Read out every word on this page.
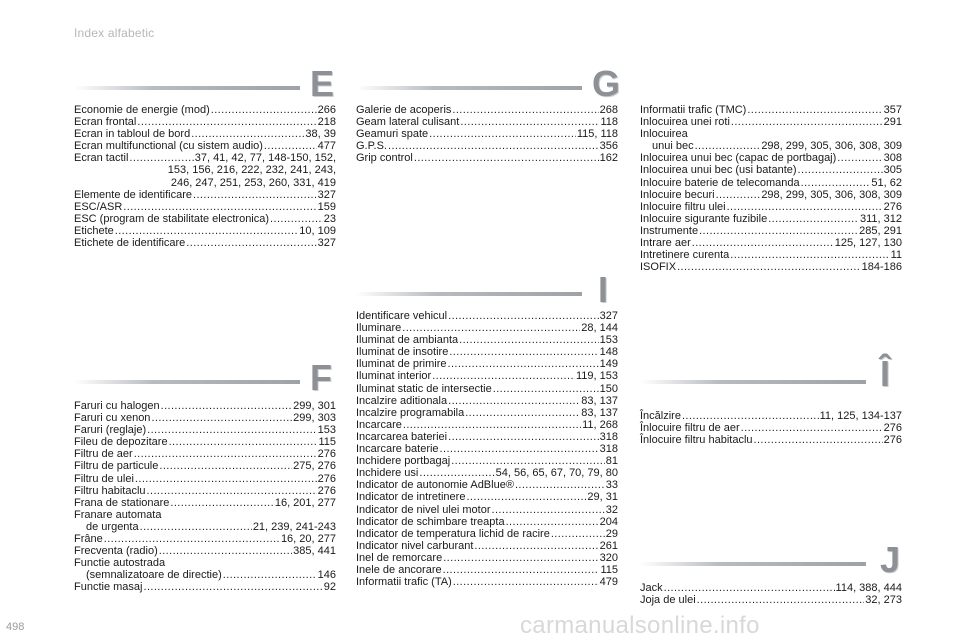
Index alfabetic
E
Economie de energie (mod) .....	266
Ecran frontal .....	218
Ecran in tabloul de bord .....	38, 39
Ecran multifunctional (cu sistem audio) .....	477
Ecran tactil .....	37, 41, 42, 77, 148-150, 152,
153, 156, 216, 222, 232, 241, 243,
246, 247, 251, 253, 260, 331, 419
Elemente de identificare .....	327
ESC/ASR .....	159
ESC (program de stabilitate electronica) .....	23
Etichete .....	10, 109
Etichete de identificare .....	327
F
Faruri cu halogen .....	299, 301
Faruri cu xenon .....	299, 303
Faruri (reglaje) .....	153
Fileu de depozitare .....	115
Filtru de aer .....	276
Filtru de particule .....	275, 276
Filtru de ulei .....	276
Filtru habitaclu .....	276
Frana de stationare .....	16, 201, 277
Franare automata
de urgenta .....	21, 239, 241-243
Frâne .....	16, 20, 277
Frecventa (radio) .....	385, 441
Functie autostrada
(semnalizatoare de directie) .....	146
Functie masaj .....	92
G
Galerie de acoperis .....	268
Geam lateral culisant .....	118
Geamuri spate .....	115, 118
G.P.S. .....	356
Grip control .....	162
I
Identificare vehicul .....	327
Iluminare .....	28, 144
Iluminat de ambianta .....	153
Iluminat de insotire .....	148
Iluminat de primire .....	149
Iluminat interior .....	119, 153
Iluminat static de intersectie .....	150
Incalzire aditionala .....	83, 137
Incalzire programabila .....	83, 137
Incarcare .....	11, 268
Incarcarea bateriei .....	318
Incarcare baterie .....	318
Inchidere portbagaj .....	81
Inchidere usi .....	54, 56, 65, 67, 70, 79, 80
Indicator de autonomie AdBlue® .....	33
Indicator de intretinere .....	29, 31
Indicator de nivel ulei motor .....	32
Indicator de schimbare treapta .....	204
Indicator de temperatura lichid de racire .....	29
Indicator nivel carburant .....	261
Inel de remorcare .....	320
Inele de ancorare .....	115
Informatii trafic (TA) .....	479
Informatii trafic (TMC) .....	357
Inlocuirea unei roti .....	291
Inlocuirea
unui bec .....	298, 299, 305, 306, 308, 309
Inlocuirea unui bec (capac de portbagaj) .....	308
Inlocuirea unui bec (usi batante) .....	305
Inlocuire baterie de telecomanda .....	51, 62
Inlocuire becuri .....	298, 299, 305, 306, 308, 309
Inlocuire filtru ulei .....	276
Inlocuire sigurante fuzibile .....	311, 312
Instrumente .....	285, 291
Intrare aer .....	125, 127, 130
Intretinere curenta .....	11
ISOFIX .....	184-186
Î
Încălzire .....	11, 125, 134-137
Înlocuire filtru de aer .....	276
Înlocuire filtru habitaclu .....	276
J
Jack .....	114, 388, 444
Joja de ulei .....	32, 273
498	carmanualsonline.info
